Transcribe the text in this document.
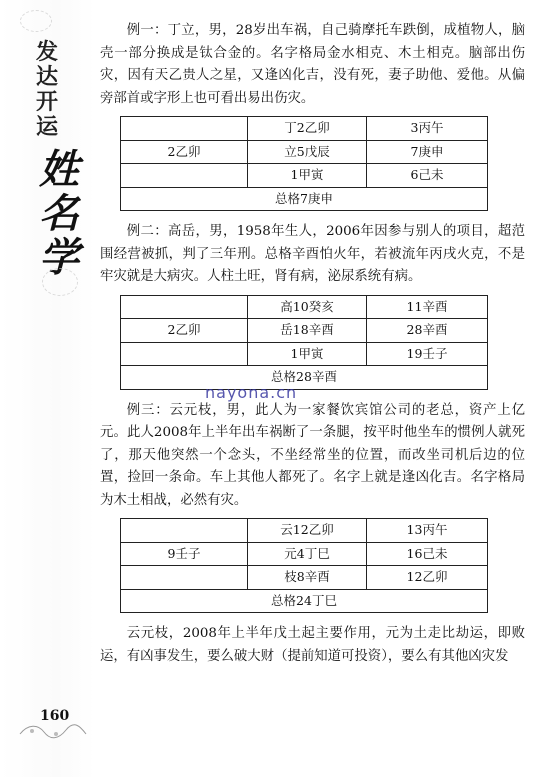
发
达
开
运
姓
名
学

例一：丁立，男，28岁出车祸，自己骑摩托车跌倒，成植物人，脑壳一部分换成是钛合金的。名字格局金水相克、木土相克。脑部出伤灾，因有天乙贵人之星，又逢凶化吉，没有死，妻子助他、爱他。从偏旁部首或字形上也可看出易出伤灾。

	丁2乙卯	3丙午
2乙卯	立5戊辰	7庚申
	1甲寅	6己未
总格7庚申		

例二：高岳，男，1958年生人，2006年因参与别人的项目，超范围经营被抓，判了三年刑。总格辛酉怕火年，若被流年丙戌火克，不是牢灾就是大病灾。人柱土旺，肾有病，泌尿系统有病。

	高10癸亥	11辛酉
2乙卯	岳18辛酉	28辛酉
	1甲寅	19壬子
总格28辛酉		

例三：云元枝，男，此人为一家餐饮宾馆公司的老总，资产上亿元。此人2008年上半年出车祸断了一条腿，按平时他坐车的惯例人就死了，那天他突然一个念头，不坐经常坐的位置，而改坐司机后边的位置，捡回一条命。车上其他人都死了。名字上就是逢凶化吉。名字格局为木土相战，必然有灾。

	云12乙卯	13丙午
9壬子	元4丁巳	16己未
	枝8辛酉	12乙卯
总格24丁巳		

云元枝，2008年上半年戊土起主要作用，元为土走比劫运，即败运，有凶事发生，要么破大财（提前知道可投资），要么有其他凶灾发

nayona.cn
160
